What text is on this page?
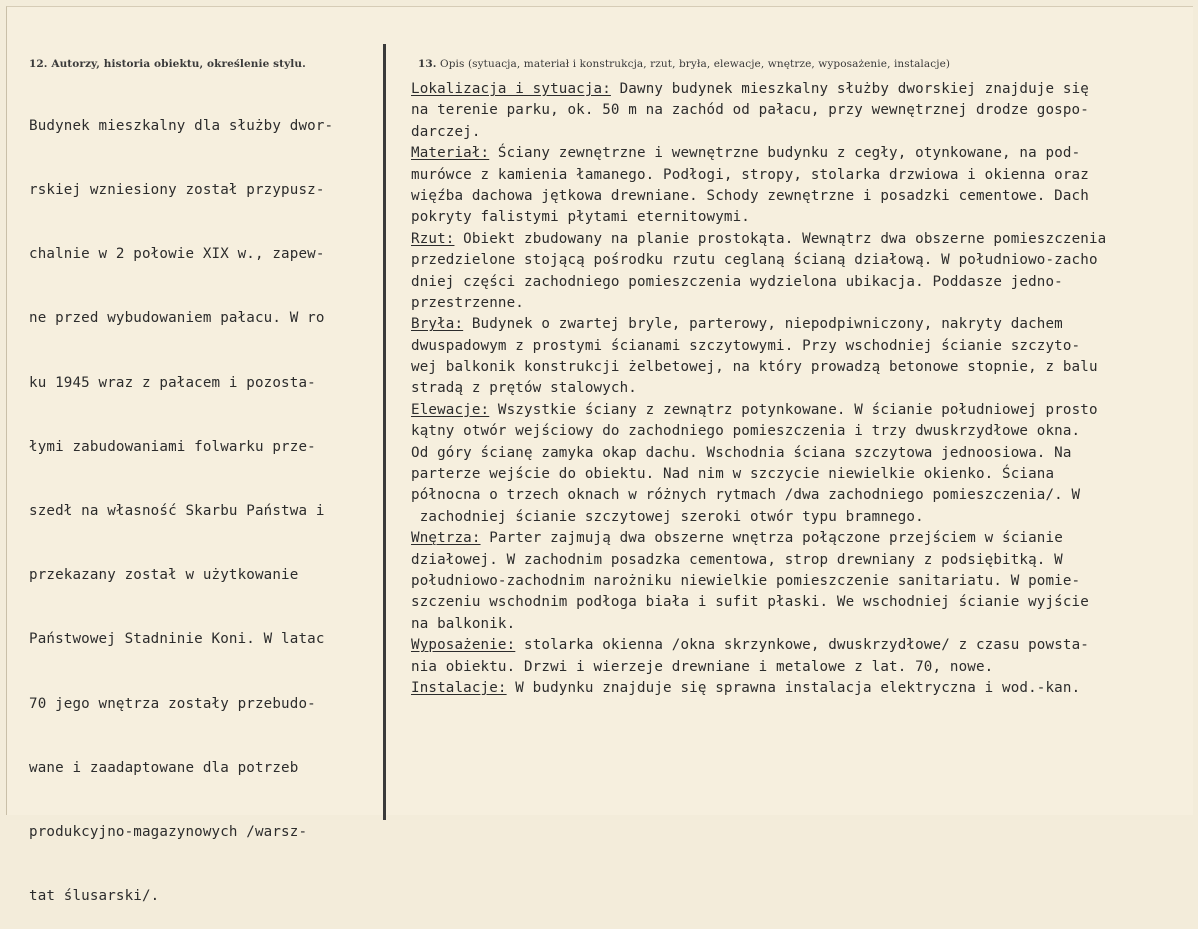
12. Autorzy, historia obiektu, określenie stylu.	13. Opis (sytuacja, materiał i konstrukcja, rzut, bryła, elewacje, wnętrze, wyposażenie, instalacje)

Budynek mieszkalny dla służby dwor-

rskiej wzniesiony został przypusz-

chalnie w 2 połowie XIX w., zapew-

ne przed wybudowaniem pałacu. W ro

ku 1945 wraz z pałacem i pozosta-

łymi zabudowaniami folwarku prze-

szedł na własność Skarbu Państwa i

przekazany został w użytkowanie

Państwowej Stadninie Koni. W latac

70 jego wnętrza zostały przebudo-

wane i zaadaptowane dla potrzeb

produkcyjno-magazynowych /warsz-

tat ślusarski/.

Lokalizacja i sytuacja: Dawny budynek mieszkalny służby dworskiej znajduje się
na terenie parku, ok. 50 m na zachód od pałacu, przy wewnętrznej drodze gospo-
darczej.
Materiał: Ściany zewnętrzne i wewnętrzne budynku z cegły, otynkowane, na pod-
murówce z kamienia łamanego. Podłogi, stropy, stolarka drzwiowa i okienna oraz
więźba dachowa jętkowa drewniane. Schody zewnętrzne i posadzki cementowe. Dach
pokryty falistymi płytami eternitowymi.
Rzut: Obiekt zbudowany na planie prostokąta. Wewnątrz dwa obszerne pomieszczenia
przedzielone stojącą pośrodku rzutu ceglaną ścianą działową. W południowo-zacho
dniej części zachodniego pomieszczenia wydzielona ubikacja. Poddasze jedno-
przestrzenne.
Bryła: Budynek o zwartej bryle, parterowy, niepodpiwniczony, nakryty dachem
dwuspadowym z prostymi ścianami szczytowymi. Przy wschodniej ścianie szczyto-
wej balkonik konstrukcji żelbetowej, na który prowadzą betonowe stopnie, z balu
stradą z prętów stalowych.
Elewacje: Wszystkie ściany z zewnątrz potynkowane. W ścianie południowej prosto
kątny otwór wejściowy do zachodniego pomieszczenia i trzy dwuskrzydłowe okna.
Od góry ścianę zamyka okap dachu. Wschodnia ściana szczytowa jednoosiowa. Na
parterze wejście do obiektu. Nad nim w szczycie niewielkie okienko. Ściana
północna o trzech oknach w różnych rytmach /dwa zachodniego pomieszczenia/. W
zachodniej ścianie szczytowej szeroki otwór typu bramnego.
Wnętrza: Parter zajmują dwa obszerne wnętrza połączone przejściem w ścianie
działowej. W zachodnim posadzka cementowa, strop drewniany z podsiębitką. W
południowo-zachodnim narożniku niewielkie pomieszczenie sanitariatu. W pomie-
szczeniu wschodnim podłoga biała i sufit płaski. We wschodniej ścianie wyjście
na balkonik.
Wyposażenie: stolarka okienna /okna skrzynkowe, dwuskrzydłowe/ z czasu powsta-
nia obiektu. Drzwi i wierzeje drewniane i metalowe z lat. 70, nowe.
Instalacje: W budynku znajduje się sprawna instalacja elektryczna i wod.-kan.
